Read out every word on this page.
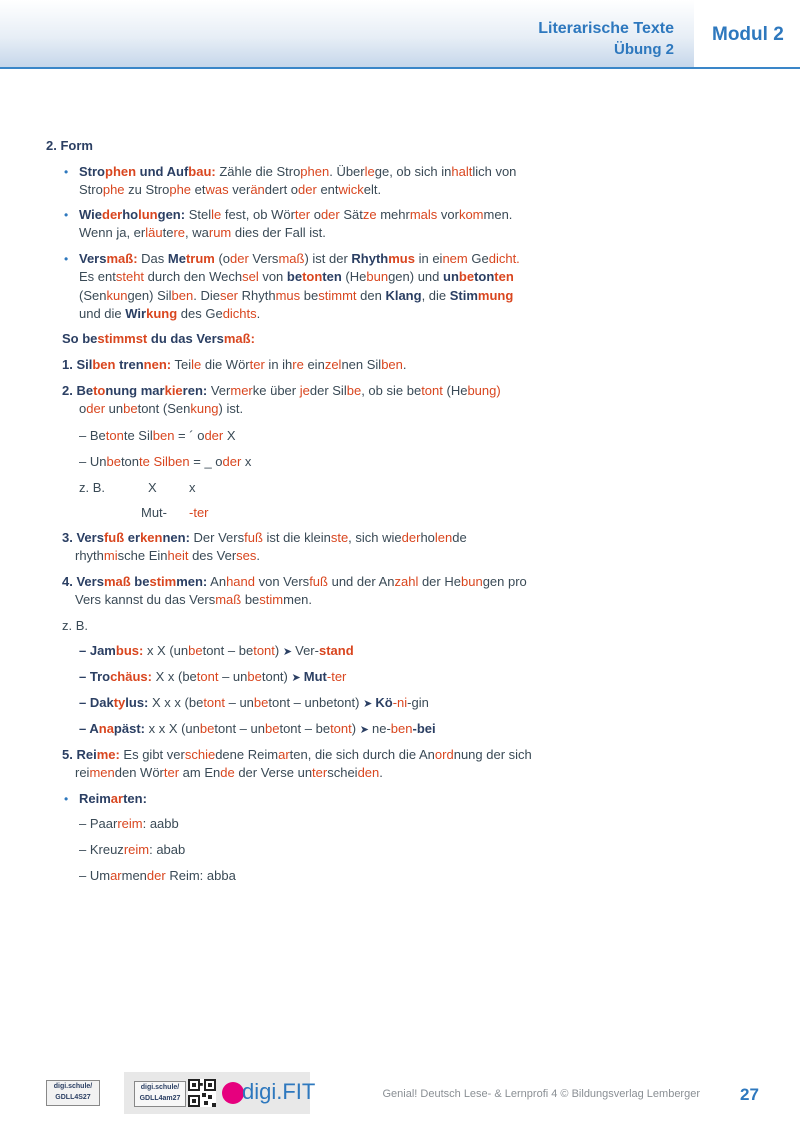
Literarische Texte
Übung 2
Modul 2
2. Form
• Strophen und Aufbau: Zähle die Strophen. Überlege, ob sich inhaltlich von
Strophe zu Strophe etwas verändert oder entwickelt.
• Wiederholungen: Stelle fest, ob Wörter oder Sätze mehrmals vorkommen.
Wenn ja, erläutere, warum dies der Fall ist.
• Versmaß: Das Metrum (oder Versmaß) ist der Rhythmus in einem Gedicht.
Es entsteht durch den Wechsel von betonten (Hebungen) und unbetonten
(Senkungen) Silben. Dieser Rhythmus bestimmt den Klang, die Stimmung
und die Wirkung des Gedichts.
So bestimmst du das Versmaß:
1. Silben trennen: Teile die Wörter in ihre einzelnen Silben.
2. Betonung markieren: Vermerke über jeder Silbe, ob sie betont (Hebung)
oder unbetont (Senkung) ist.
– Betonte Silben = ´ oder X
– Unbetonte Silben = _ oder x
z. B.	X x
Mut- -ter
3. Versfuß erkennen: Der Versfuß ist die kleinste, sich wiederholende
rhythmische Einheit des Verses.
4. Versmaß bestimmen: Anhand von Versfuß und der Anzahl der Hebungen pro
Vers kannst du das Versmaß bestimmen.
z. B.
– Jambus: x X (unbetont – betont) ➤ Ver-stand
– Trochäus: X x (betont – unbetont) ➤ Mut-ter
– Daktylus: X x x (betont – unbetont – unbetont) ➤ Kö-ni-gin
– Anapäst: x x X (unbetont – unbetont – betont) ➤ ne-ben-bei
5. Reime: Es gibt verschiedene Reimarten, die sich durch die Anordnung der sich
reimenden Wörter am Ende der Verse unterscheiden.
• Reimarten:
– Paarreim: aabb
– Kreuzreim: abab
– Umarmender Reim: abba
digi.schule/
GDLL4S27
digi.schule/
GDLL4am27	digi.FIT	Genial! Deutsch Lese- & Lernprofi 4 © Bildungsverlag Lemberger 27
